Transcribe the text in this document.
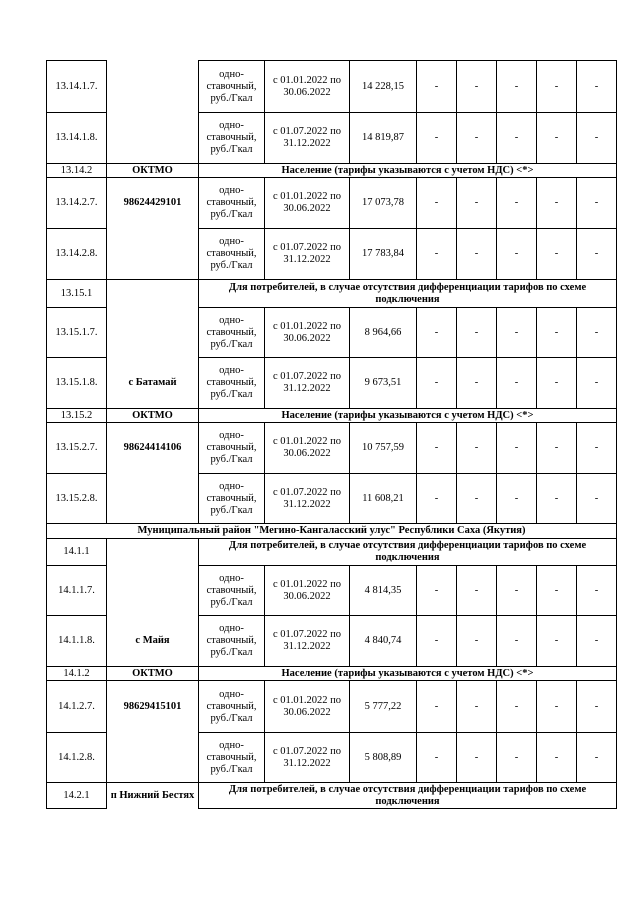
13.14.1.7.		одно-ставочный, руб./Гкал	с 01.01.2022 по 30.06.2022	14 228,15	-	-	-	-	-
13.14.1.8.		одно-ставочный, руб./Гкал	с 01.07.2022 по 31.12.2022	14 819,87	-	-	-	-	-
13.14.2	ОКТМО	Население (тарифы указываются с учетом НДС) <*>							
13.14.2.7.	98624429101	одно-ставочный, руб./Гкал	с 01.01.2022 по 30.06.2022	17 073,78	-	-	-	-	-
13.14.2.8.		одно-ставочный, руб./Гкал	с 01.07.2022 по 31.12.2022	17 783,84	-	-	-	-	-
13.15.1		Для потребителей, в случае отсутствия дифференциации тарифов по схеме подключения							
13.15.1.7.		одно-ставочный, руб./Гкал	с 01.01.2022 по 30.06.2022	8 964,66	-	-	-	-	-
13.15.1.8.	с Батамай	одно-ставочный, руб./Гкал	с 01.07.2022 по 31.12.2022	9 673,51	-	-	-	-	-
13.15.2	ОКТМО	Население (тарифы указываются с учетом НДС) <*>							
13.15.2.7.	98624414106	одно-ставочный, руб./Гкал	с 01.01.2022 по 30.06.2022	10 757,59	-	-	-	-	-
13.15.2.8.		одно-ставочный, руб./Гкал	с 01.07.2022 по 31.12.2022	11 608,21	-	-	-	-	-
Муниципальный район "Мегино-Кангаласский улус" Республики Саха (Якутия)									
14.1.1		Для потребителей, в случае отсутствия дифференциации тарифов по схеме подключения							
14.1.1.7.		одно-ставочный, руб./Гкал	с 01.01.2022 по 30.06.2022	4 814,35	-	-	-	-	-
14.1.1.8.	с Майя	одно-ставочный, руб./Гкал	с 01.07.2022 по 31.12.2022	4 840,74	-	-	-	-	-
14.1.2	ОКТМО	Население (тарифы указываются с учетом НДС) <*>							
14.1.2.7.	98629415101	одно-ставочный, руб./Гкал	с 01.01.2022 по 30.06.2022	5 777,22	-	-	-	-	-
14.1.2.8.		одно-ставочный, руб./Гкал	с 01.07.2022 по 31.12.2022	5 808,89	-	-	-	-	-
14.2.1	п Нижний Бестях	Для потребителей, в случае отсутствия дифференциации тарифов по схеме подключения							
